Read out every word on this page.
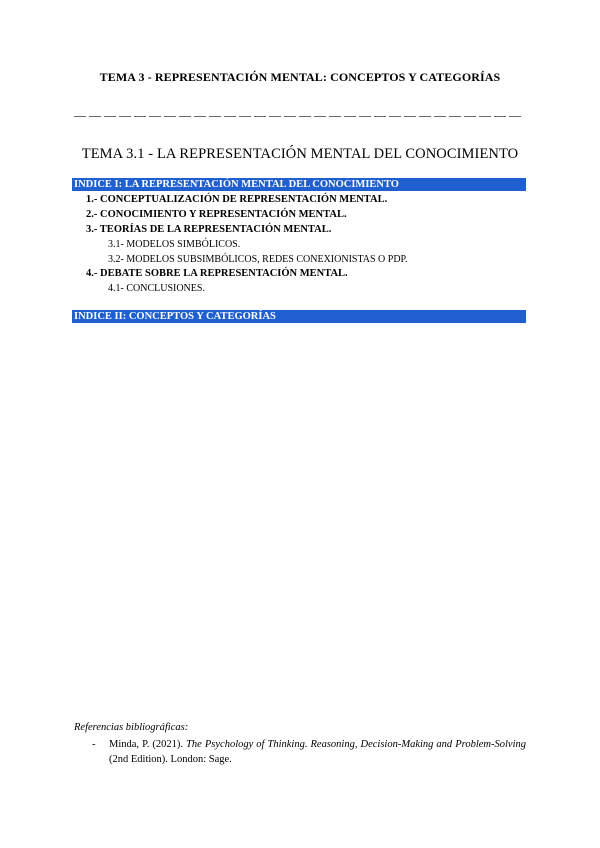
TEMA 3 - REPRESENTACIÓN MENTAL: CONCEPTOS Y CATEGORÍAS
— — — — — — — — — — — — — — — — — — — — — — — — — — — — — —
TEMA 3.1 - LA REPRESENTACIÓN MENTAL DEL CONOCIMIENTO
INDICE I: LA REPRESENTACIÓN MENTAL DEL CONOCIMIENTO
1.- CONCEPTUALIZACIÓN DE REPRESENTACIÓN MENTAL.
2.- CONOCIMIENTO Y REPRESENTACIÓN MENTAL.
3.- TEORÍAS DE LA REPRESENTACIÓN MENTAL.
3.1- MODELOS SIMBÓLICOS.
3.2- MODELOS SUBSIMBÓLICOS, REDES CONEXIONISTAS O PDP.
4.- DEBATE SOBRE LA REPRESENTACIÓN MENTAL.
4.1- CONCLUSIONES.
INDICE II: CONCEPTOS Y CATEGORÍAS
Referencias bibliográficas:
- Minda, P. (2021). The Psychology of Thinking. Reasoning, Decision-Making and Problem-Solving (2nd Edition). London: Sage.
